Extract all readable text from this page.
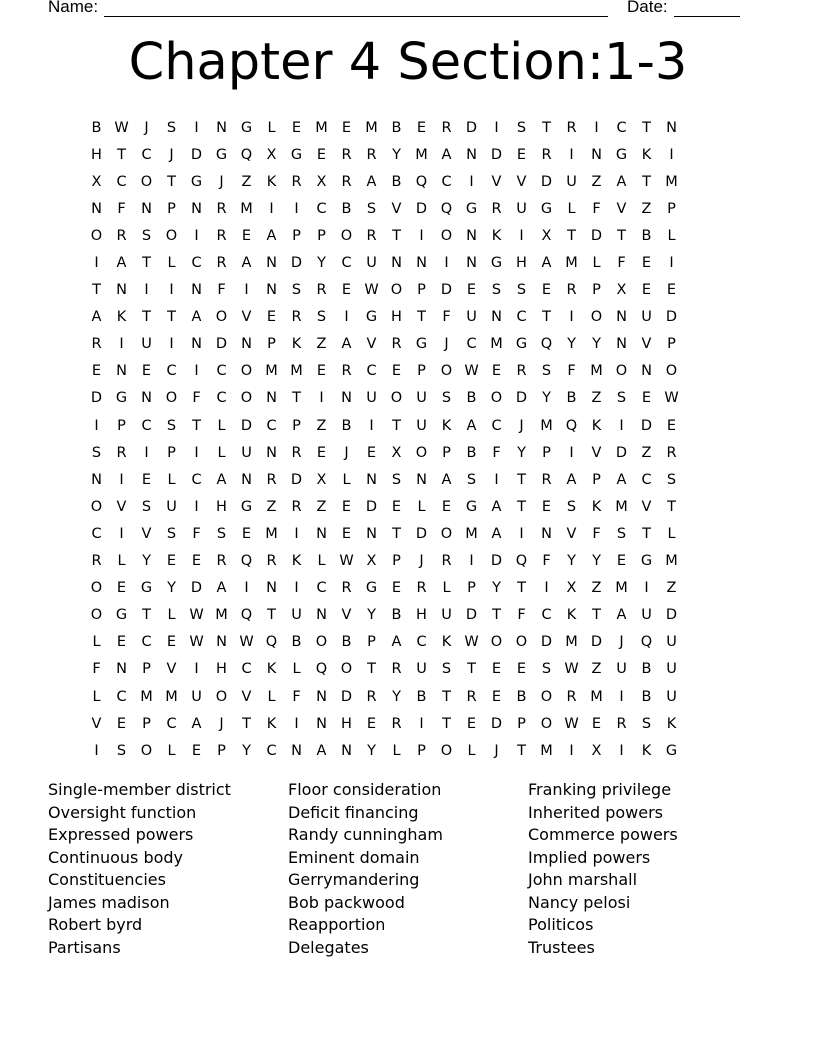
Name:	Date:
Chapter 4 Section:1-3
B W	J	S	I	N G	L	E M E M B	E	R D	I	S	T	R	I	C	T	N
H	T	C	J	D G Q X G	E	R	R	Y M A	N D	E	R	I	N G	K	I
X	C O	T	G	J	Z	K	R	X	R	A	B Q C	I	V	V D U	Z	A	T M
N	F	N	P	N	R M	I	I	C	B	S	V D Q G R	U G	L	F	V	Z	P
O R	S	O	I	R	E	A	P	P	O R	T	I	O N	K	I	X	T	D	T	B	L
I	A	T	L	C	R	A	N D	Y	C	U N N	I	N G H	A M	L	F	E	I
T	N	I	I	N	F	I	N	S	R	E W O	P	D	E	S	S	E	R	P	X	E	E
A	K	T	T	A O V	E	R	S	I	G H	T	F	U N	C	T	I	O N U D
R	I	U	I	N D N	P	K	Z	A	V	R G	J	C M G Q	Y	Y	N	V	P
E	N	E	C	I	C O M M E	R	C	E	P	O W E	R	S	F	M O N O
D G N O	F	C O N	T	I	N U O U	S	B O D	Y	B	Z	S	E W
I	P	C	S	T	L	D C	P	Z	B	I	T	U	K	A	C	J	M Q	K	I	D	E
S	R	I	P	I	L	U N	R	E	J	E	X O	P	B	F	Y	P	I	V D Z	R
N	I	E	L	C	A	N	R D X	L	N	S	N	A	S	I	T	R	A	P	A	C	S
O V	S	U	I	H G Z	R	Z	E	D	E	L	E	G A	T	E	S	K M V	T
C	I	V	S	F	S	E M	I	N	E	N	T	D O M A	I	N	V	F	S	T	L
R	L	Y	E	E	R Q R	K	L W X	P	J	R	I	D Q	F	Y	Y	E	G M
O	E	G	Y	D A	I	N	I	C	R G	E	R	L	P	Y	T	I	X	Z M	I	Z
O G	T	L W M Q	T	U N	V	Y	B	H U D	T	F	C	K	T	A	U D
L	E	C	E W N W Q B O B	P	A	C	K W O O D M D	J	Q U
F	N	P	V	I	H C	K	L	Q O	T	R	U	S	T	E	E	S W Z	U	B	U
L	C M M U O V	L	F	N D R	Y	B	T	R	E	B O R M	I	B	U
V	E	P	C	A	J	T	K	I	N H	E	R	I	T	E	D	P	O W E	R	S	K
I	S	O	L	E	P	Y	C	N	A	N	Y	L	P	O	L	J	T M	I	X	I	K	G
Single-member district
Oversight function
Expressed powers
Continuous body
Constituencies
James madison
Robert byrd
Partisans
Floor consideration
Deficit financing
Randy cunningham
Eminent domain
Gerrymandering
Bob packwood
Reapportion
Delegates
Franking privilege
Inherited powers
Commerce powers
Implied powers
John marshall
Nancy pelosi
Politicos
Trustees
